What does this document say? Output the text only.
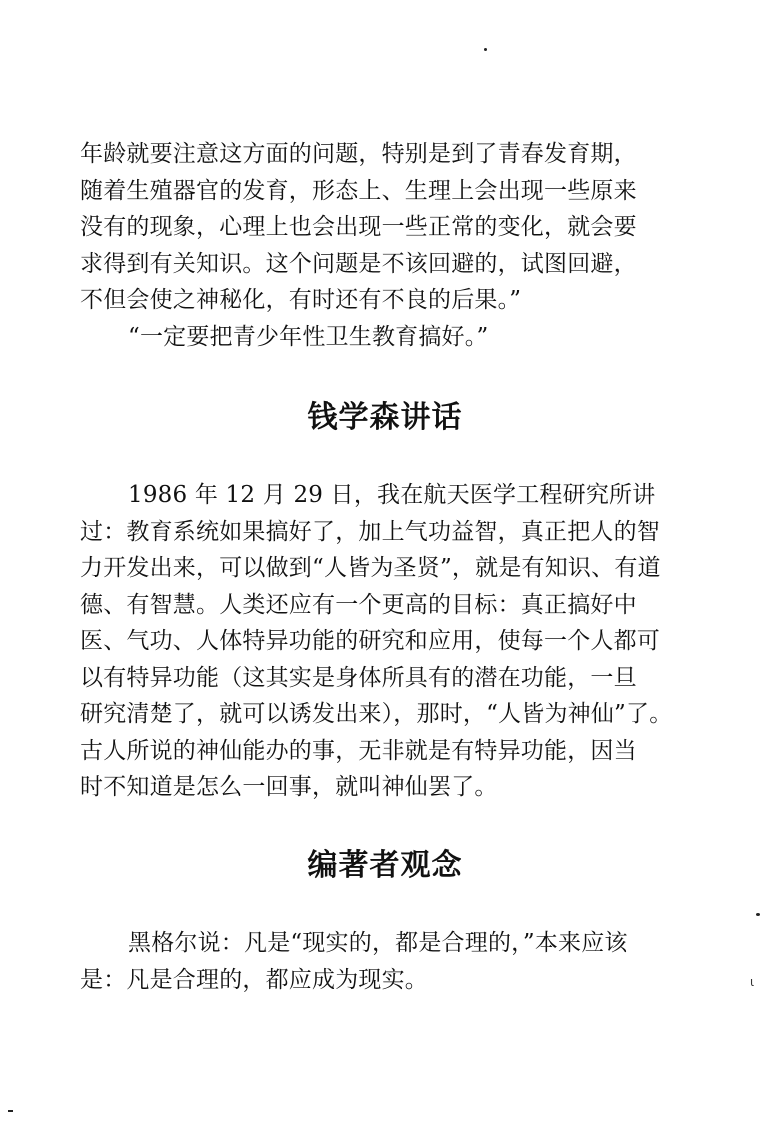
ι
年龄就要注意这方面的问题，特别是到了青春发育期，
随着生殖器官的发育，形态上、生理上会出现一些原来
没有的现象，心理上也会出现一些正常的变化，就会要
求得到有关知识。这个问题是不该回避的，试图回避，
不但会使之神秘化，有时还有不良的后果。”
“一定要把青少年性卫生教育搞好。”
钱学森讲话
1986 年 12 月 29 日，我在航天医学工程研究所讲
过：教育系统如果搞好了，加上气功益智，真正把人的智
力开发出来，可以做到“人皆为圣贤”，就是有知识、有道
德、有智慧。人类还应有一个更高的目标：真正搞好中
医、气功、人体特异功能的研究和应用，使每一个人都可
以有特异功能（这其实是身体所具有的潜在功能，一旦
研究清楚了，就可以诱发出来），那时，“人皆为神仙”了。
古人所说的神仙能办的事，无非就是有特异功能，因当
时不知道是怎么一回事，就叫神仙罢了。
编著者观念
黑格尔说：凡是“现实的，都是合理的，”本来应该
是：凡是合理的，都应成为现实。
